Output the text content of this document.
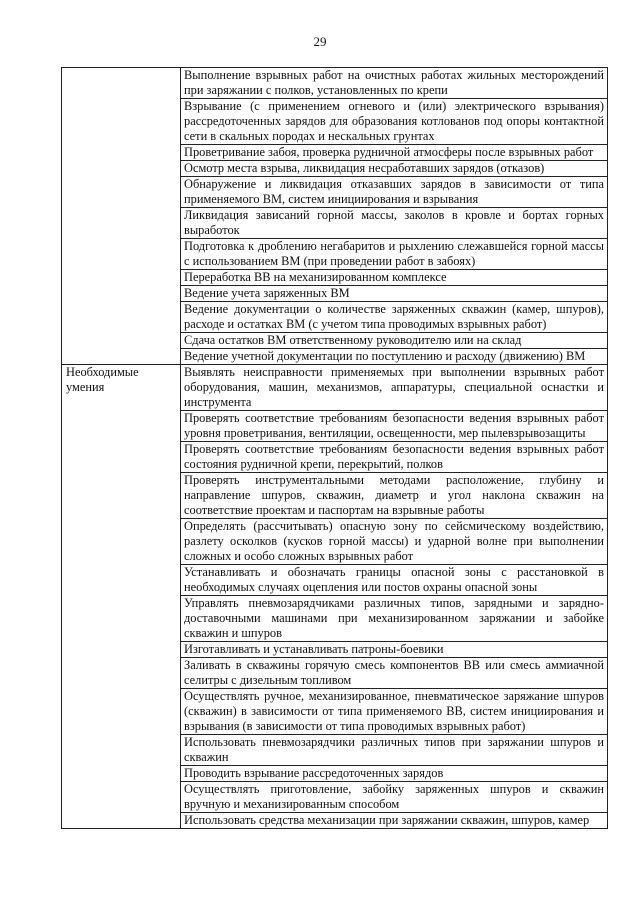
29
	Выполнение взрывных работ на очистных работах жильных месторождений при заряжании с полков, установленных по крепи
	Взрывание (с применением огневого и (или) электрического взрывания) рассредоточенных зарядов для образования котлованов под опоры контактной сети в скальных породах и нескальных грунтах
	Проветривание забоя, проверка рудничной атмосферы после взрывных работ
	Осмотр места взрыва, ликвидация несработавших зарядов (отказов)
	Обнаружение и ликвидация отказавших зарядов в зависимости от типа применяемого ВМ, систем инициирования и взрывания
	Ликвидация зависаний горной массы, заколов в кровле и бортах горных выработок
	Подготовка к дроблению негабаритов и рыхлению слежавшейся горной массы с использованием ВМ (при проведении работ в забоях)
	Переработка ВВ на механизированном комплексе
	Ведение учета заряженных ВМ
	Ведение документации о количестве заряженных скважин (камер, шпуров), расходе и остатках ВМ (с учетом типа проводимых взрывных работ)
	Сдача остатков ВМ ответственному руководителю или на склад
	Ведение учетной документации по поступлению и расходу (движению) ВМ
Необходимые умения	Выявлять неисправности применяемых при выполнении взрывных работ оборудования, машин, механизмов, аппаратуры, специальной оснастки и инструмента
	Проверять соответствие требованиям безопасности ведения взрывных работ уровня проветривания, вентиляции, освещенности, мер пылевзрывозащиты
	Проверять соответствие требованиям безопасности ведения взрывных работ состояния рудничной крепи, перекрытий, полков
	Проверять инструментальными методами расположение, глубину и направление шпуров, скважин, диаметр и угол наклона скважин на соответствие проектам и паспортам на взрывные работы
	Определять (рассчитывать) опасную зону по сейсмическому воздействию, разлету осколков (кусков горной массы) и ударной волне при выполнении сложных и особо сложных взрывных работ
	Устанавливать и обозначать границы опасной зоны с расстановкой в необходимых случаях оцепления или постов охраны опасной зоны
	Управлять пневмозарядчиками различных типов, зарядными и зарядно-доставочными машинами при механизированном заряжании и забойке скважин и шпуров
	Изготавливать и устанавливать патроны-боевики
	Заливать в скважины горячую смесь компонентов ВВ или смесь аммиачной селитры с дизельным топливом
	Осуществлять ручное, механизированное, пневматическое заряжание шпуров (скважин) в зависимости от типа применяемого ВВ, систем инициирования и взрывания (в зависимости от типа проводимых взрывных работ)
	Использовать пневмозарядчики различных типов при заряжании шпуров и скважин
	Проводить взрывание рассредоточенных зарядов
	Осуществлять приготовление, забойку заряженных шпуров и скважин вручную и механизированным способом
	Использовать средства механизации при заряжании скважин, шпуров, камер
